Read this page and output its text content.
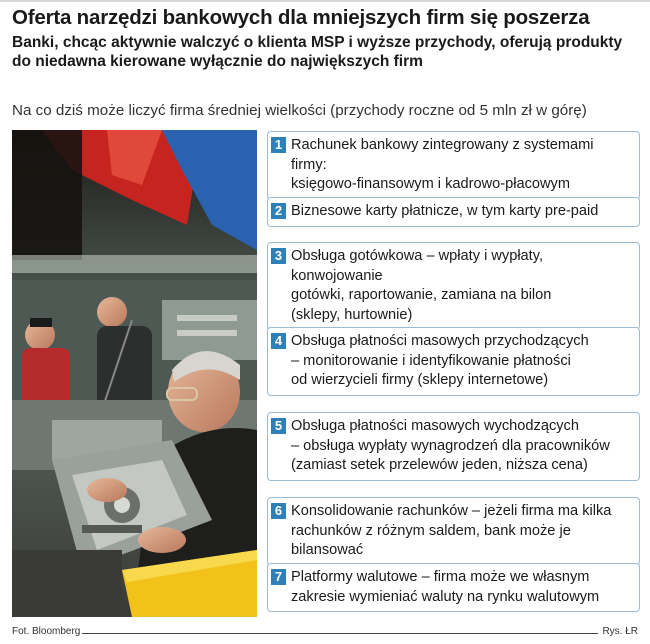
Oferta narzędzi bankowych dla mniejszych firm się poszerza
Banki, chcąc aktywnie walczyć o klienta MSP i wyższe przychody, oferują produkty do niedawna kierowane wyłącznie do największych firm
Na co dziś może liczyć firma średniej wielkości (przychody roczne od 5 mln zł w górę)
1 Rachunek bankowy zintegrowany z systemami firmy:
księgowo-finansowym i kadrowo-płacowym
2 Biznesowe karty płatnicze, w tym karty pre-paid
3 Obsługa gotówkowa – wpłaty i wypłaty, konwojowanie
gotówki, raportowanie, zamiana na bilon
(sklepy, hurtownie)
4 Obsługa płatności masowych przychodzących
– monitorowanie i identyfikowanie płatności
od wierzycieli firmy (sklepy internetowe)
5 Obsługa płatności masowych wychodzących
– obsługa wypłaty wynagrodzeń dla pracowników
(zamiast setek przelewów jeden, niższa cena)
6 Konsolidowanie rachunków – jeżeli firma ma kilka
rachunków z różnym saldem, bank może je bilansować
7 Platformy walutowe – firma może we własnym
zakresie wymieniać waluty na rynku walutowym
Fot. Bloomberg	Rys. ŁR
